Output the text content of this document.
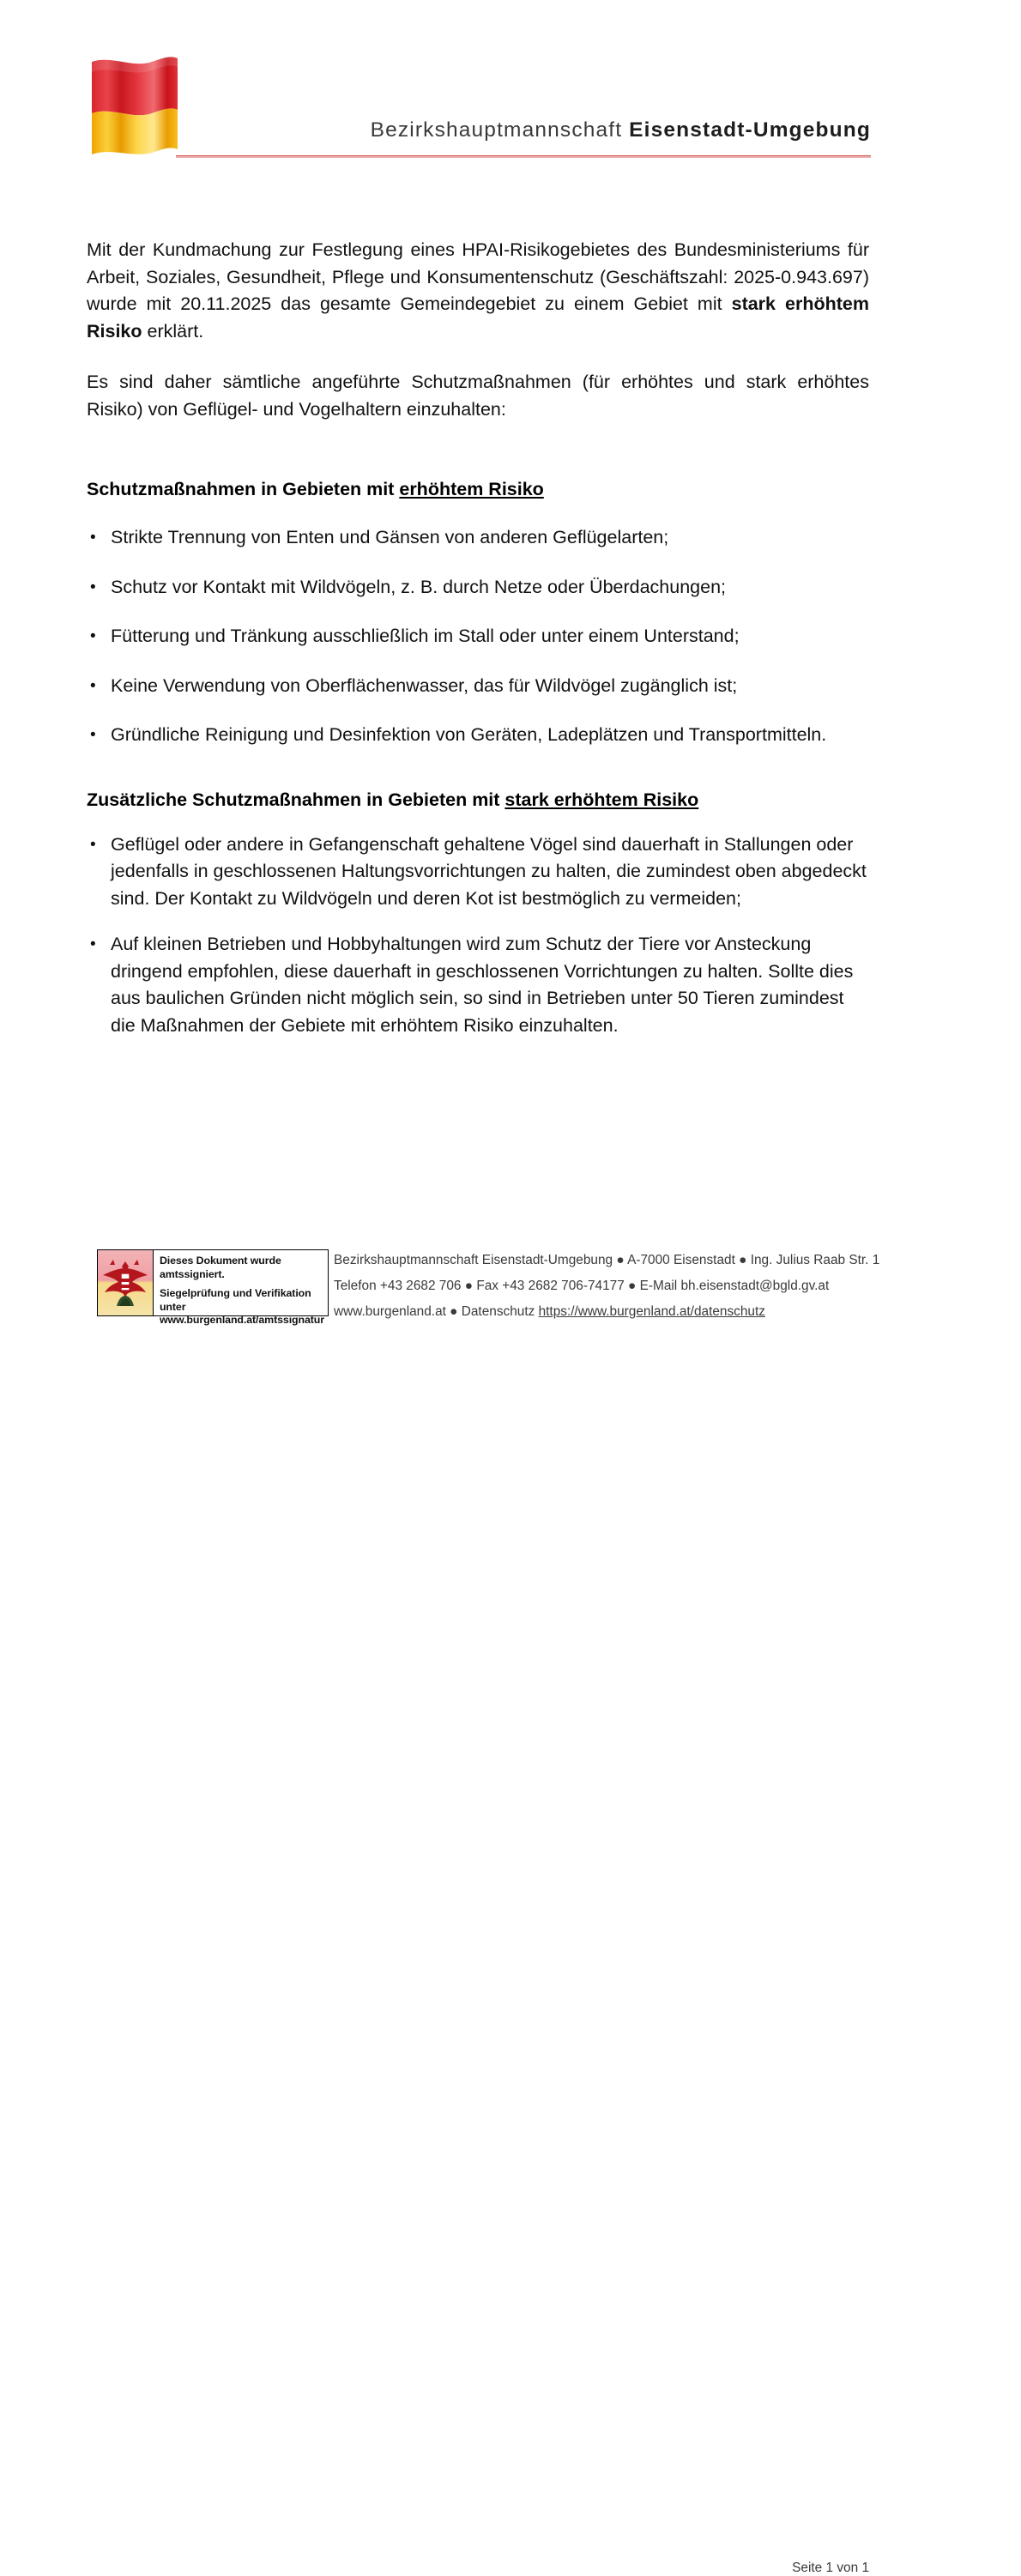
Bezirkshauptmannschaft Eisenstadt-Umgebung

Mit der Kundmachung zur Festlegung eines HPAI-Risikogebietes des Bundesministeriums für Arbeit, Soziales, Gesundheit, Pflege und Konsumentenschutz (Geschäftszahl: 2025-0.943.697) wurde mit 20.11.2025 das gesamte Gemeindegebiet zu einem Gebiet mit stark erhöhtem Risiko erklärt.

Es sind daher sämtliche angeführte Schutzmaßnahmen (für erhöhtes und stark erhöhtes Risiko) von Geflügel- und Vogelhaltern einzuhalten:

Schutzmaßnahmen in Gebieten mit erhöhtem Risiko
• Strikte Trennung von Enten und Gänsen von anderen Geflügelarten;
• Schutz vor Kontakt mit Wildvögeln, z. B. durch Netze oder Überdachungen;
• Fütterung und Tränkung ausschließlich im Stall oder unter einem Unterstand;
• Keine Verwendung von Oberflächenwasser, das für Wildvögel zugänglich ist;
• Gründliche Reinigung und Desinfektion von Geräten, Ladeplätzen und Transportmitteln.
Zusätzliche Schutzmaßnahmen in Gebieten mit stark erhöhtem Risiko
• Geflügel oder andere in Gefangenschaft gehaltene Vögel sind dauerhaft in Stallungen oder jedenfalls in geschlossenen Haltungsvorrichtungen zu halten, die zumindest oben abgedeckt sind. Der Kontakt zu Wildvögeln und deren Kot ist bestmöglich zu vermeiden;
• Auf kleinen Betrieben und Hobbyhaltungen wird zum Schutz der Tiere vor Ansteckung dringend empfohlen, diese dauerhaft in geschlossenen Vorrichtungen zu halten. Sollte dies aus baulichen Gründen nicht möglich sein, so sind in Betrieben unter 50 Tieren zumindest die Maßnahmen der Gebiete mit erhöhtem Risiko einzuhalten.
Dieses Dokument wurde amtssigniert.
Siegelprüfung und Verifikation unter
www.burgenland.at/amtssignatur
Bezirkshauptmannschaft Eisenstadt-Umgebung ● A-7000 Eisenstadt ● Ing. Julius Raab Str. 1
Telefon +43 2682 706 ● Fax +43 2682 706-74177 ● E-Mail bh.eisenstadt@bgld.gv.at
www.burgenland.at ● Datenschutz https://www.burgenland.at/datenschutz
Seite 1 von 1
